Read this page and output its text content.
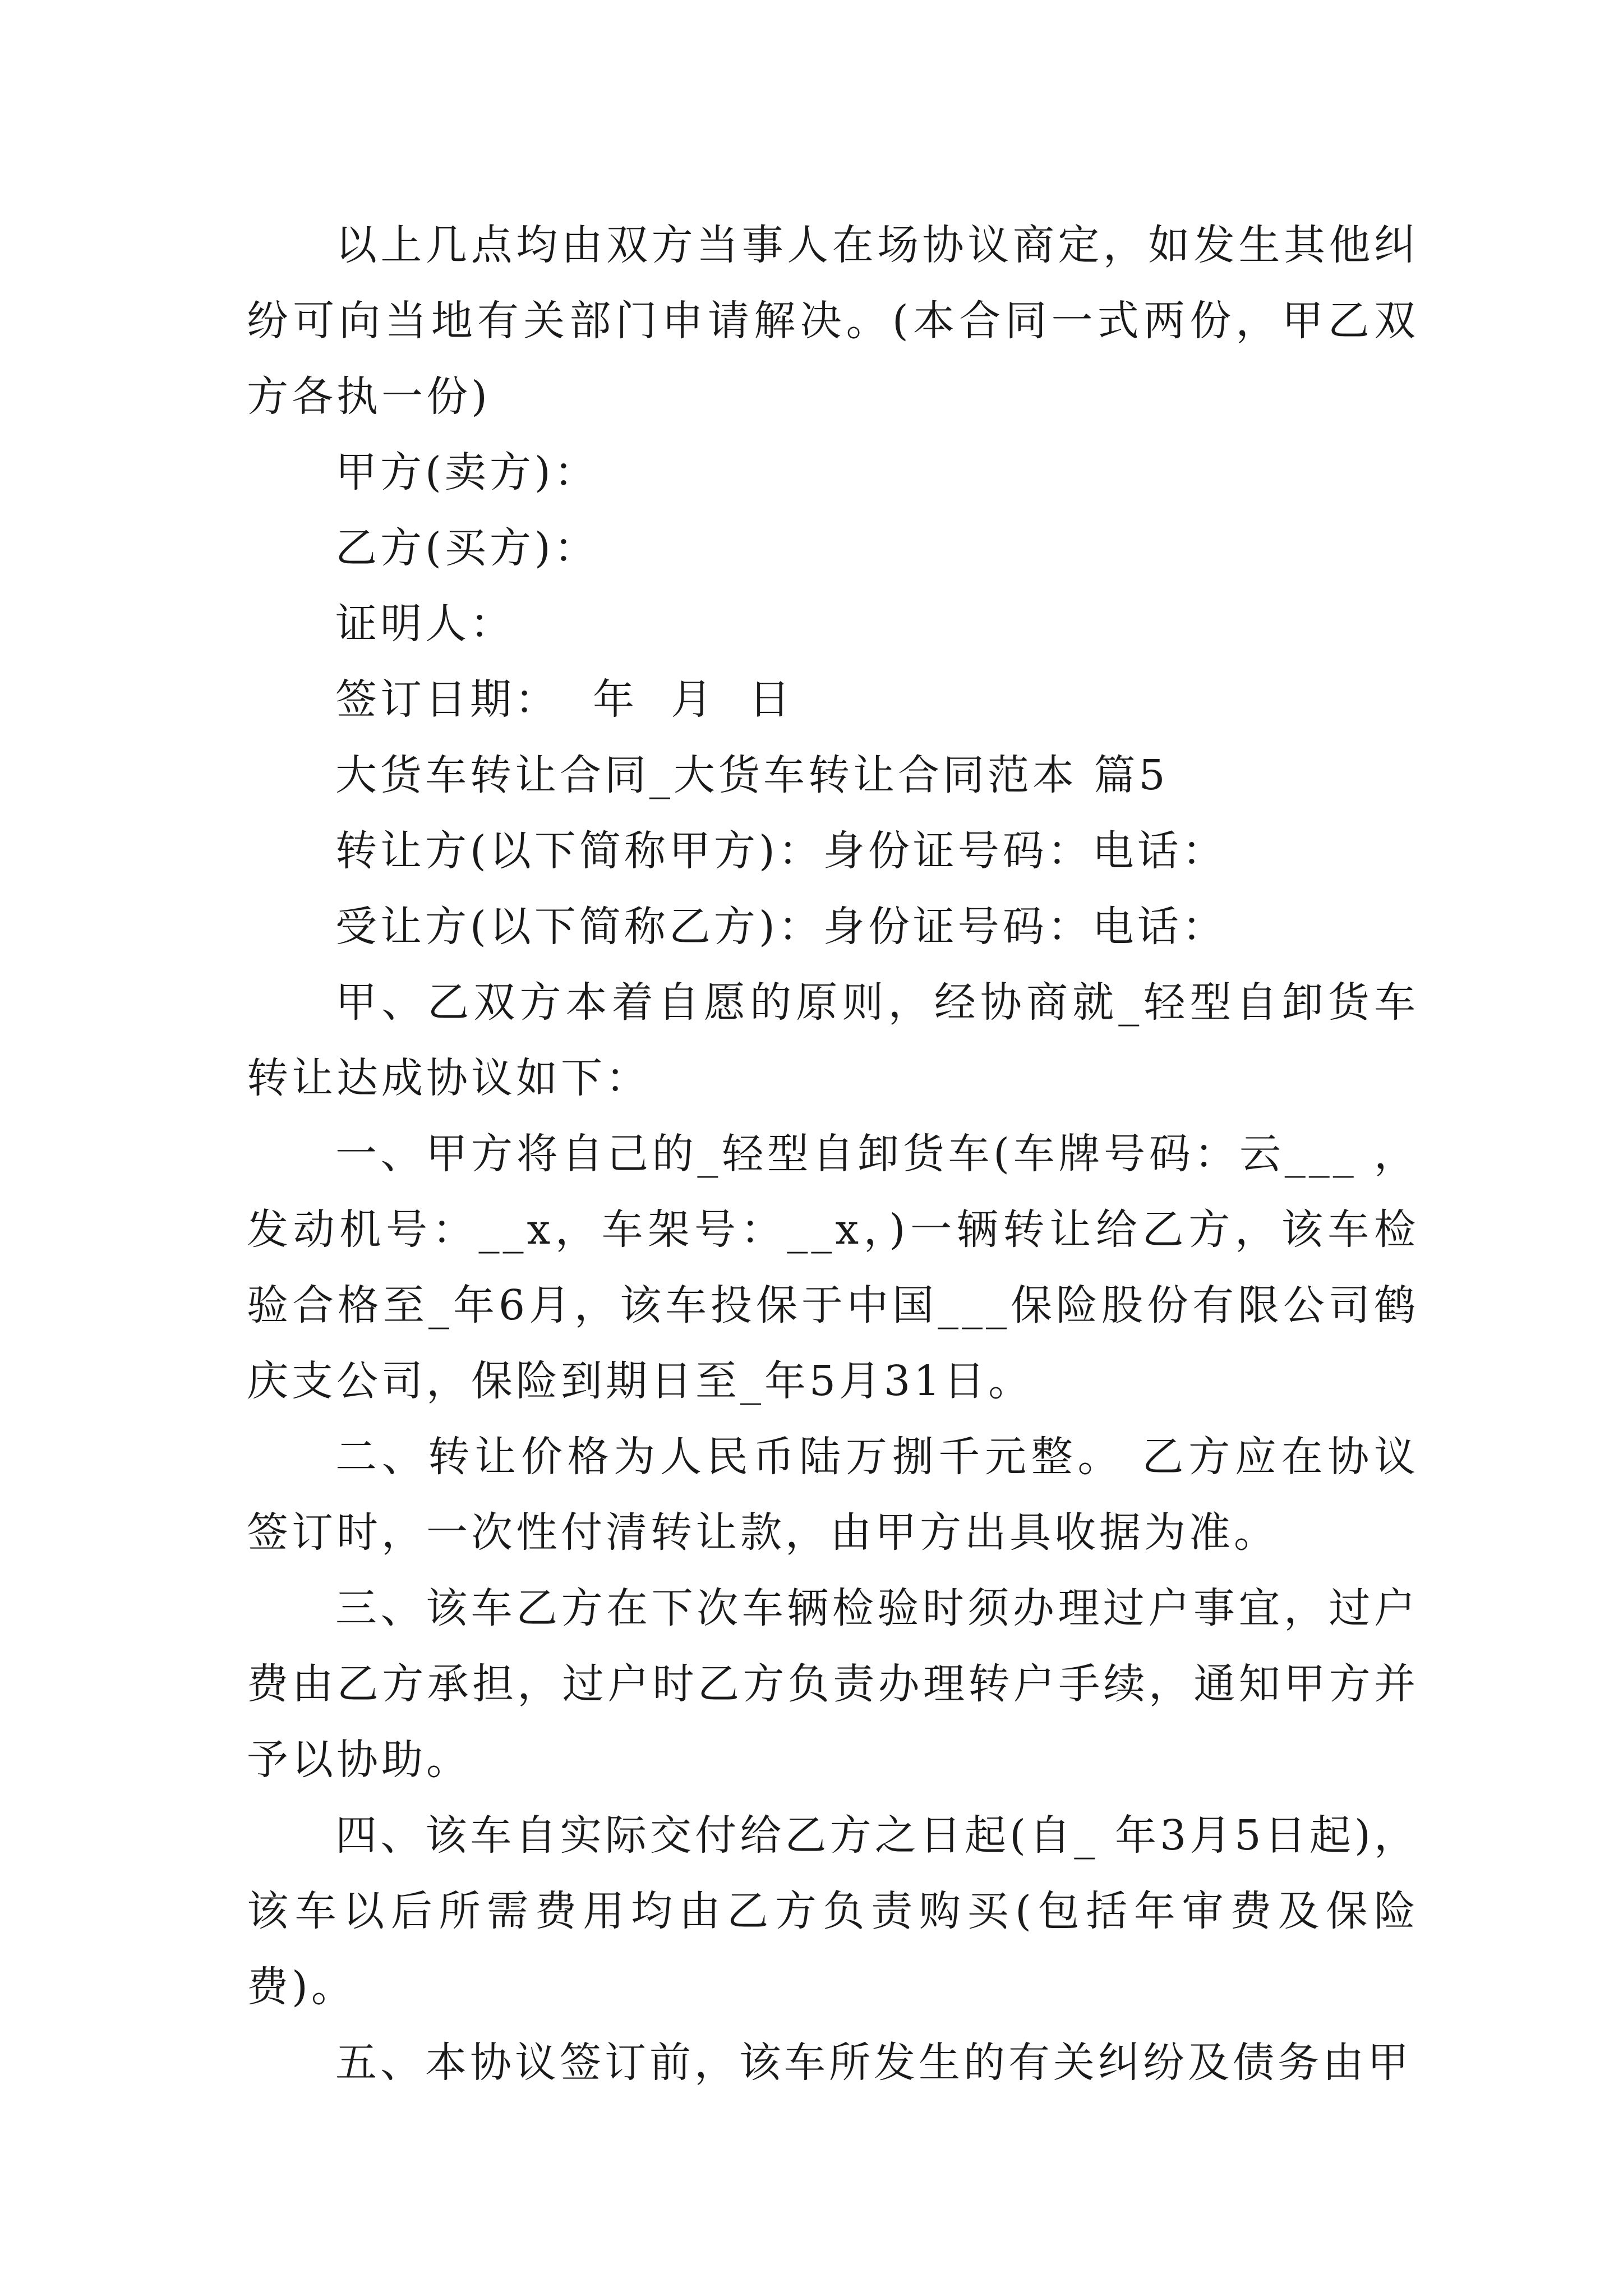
以上几点均由双方当事人在场协议商定，如发生其他纠纷可向当地有关部门申请解决。(本合同一式两份，甲乙双方各执一份)

甲方(卖方)：

乙方(买方)：

证明人：

签订日期：  年  月  日

大货车转让合同_大货车转让合同范本 篇5

转让方(以下简称甲方)：身份证号码：电话：

受让方(以下简称乙方)：身份证号码：电话：

甲、乙双方本着自愿的原则，经协商就_轻型自卸货车转让达成协议如下：

一、甲方将自己的_轻型自卸货车(车牌号码：云___ ，发动机号：__x，车架号：__x，)一辆转让给乙方，该车检验合格至_年6月，该车投保于中国___保险股份有限公司鹤庆支公司，保险到期日至_年5月31日。

二、转让价格为人民币陆万捌千元整。 乙方应在协议签订时，一次性付清转让款，由甲方出具收据为准。

三、该车乙方在下次车辆检验时须办理过户事宜，过户费由乙方承担，过户时乙方负责办理转户手续，通知甲方并予以协助。

四、该车自实际交付给乙方之日起(自_ 年3月5日起)，该车以后所需费用均由乙方负责购买(包括年审费及保险费)。

五、本协议签订前，该车所发生的有关纠纷及债务由甲
